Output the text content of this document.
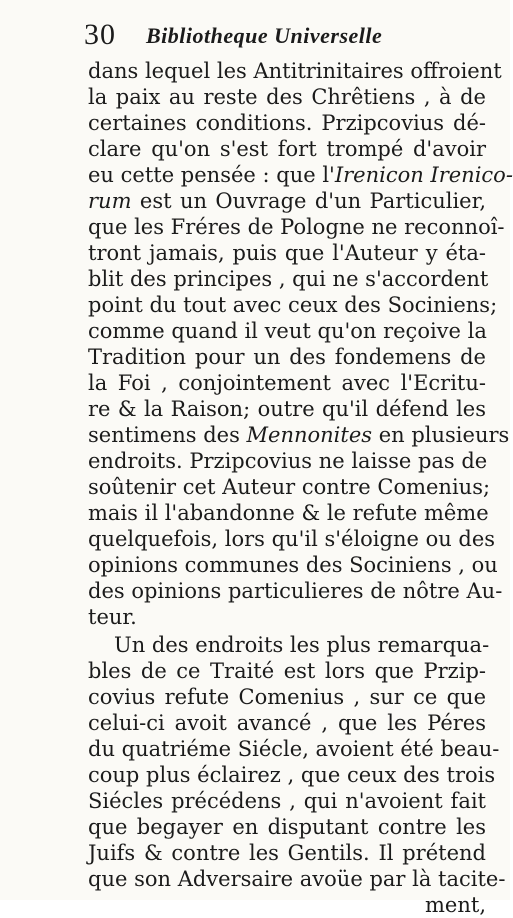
30 Bibliotheque Universelle
dans lequel les Antitrinitaires offroient
la paix au reste des Chrêtiens , à de
certaines conditions. Przipcovius dé-
clare qu'on s'est fort trompé d'avoir
eu cette pensée : que l'Irenicon Irenico-
rum est un Ouvrage d'un Particulier,
que les Fréres de Pologne ne reconnoî-
tront jamais, puis que l'Auteur y éta-
blit des principes , qui ne s'accordent
point du tout avec ceux des Sociniens;
comme quand il veut qu'on reçoive la
Tradition pour un des fondemens de
la Foi , conjointement avec l'Ecritu-
re & la Raison; outre qu'il défend les
sentimens des Mennonites en plusieurs
endroits. Przipcovius ne laisse pas de
soûtenir cet Auteur contre Comenius;
mais il l'abandonne & le refute même
quelquefois, lors qu'il s'éloigne ou des
opinions communes des Sociniens , ou
des opinions particulieres de nôtre Au-
teur.
Un des endroits les plus remarqua-
bles de ce Traité est lors que Przip-
covius refute Comenius , sur ce que
celui-ci avoit avancé , que les Péres
du quatriéme Siécle, avoient été beau-
coup plus éclairez , que ceux des trois
Siécles précédens , qui n'avoient fait
que begayer en disputant contre les
Juifs & contre les Gentils. Il prétend
que son Adversaire avoüe par là tacite-
ment,
